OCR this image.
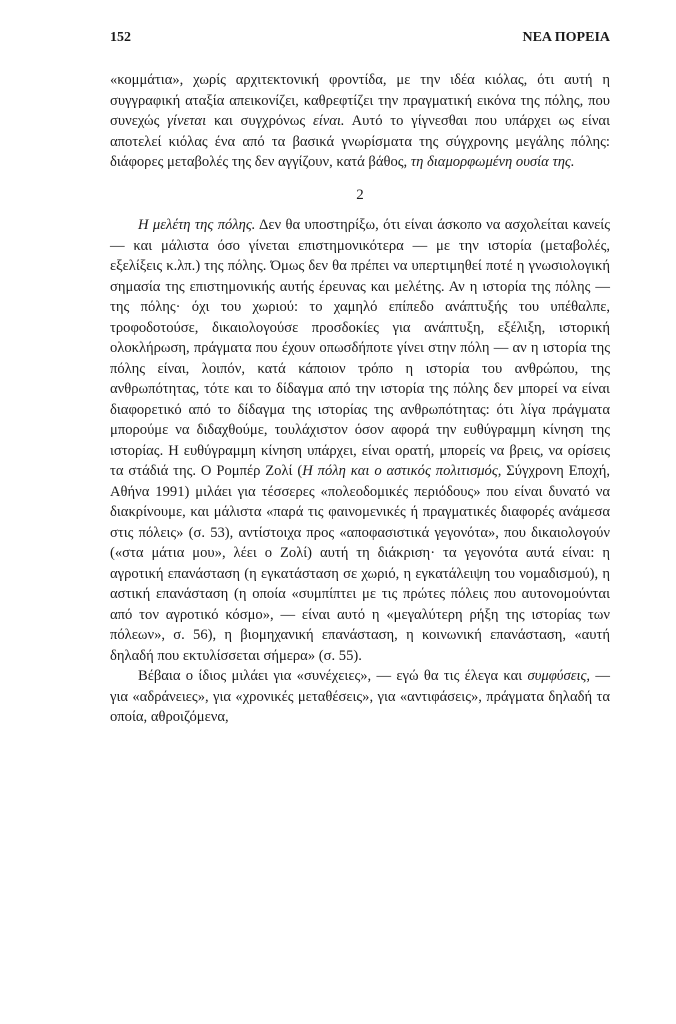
152	ΝΕΑ ΠΟΡΕΙΑ

«κομμάτια», χωρίς αρχιτεκτονική φροντίδα, με την ιδέα κιόλας, ότι αυτή η συγγραφική αταξία απεικονίζει, καθρεφτίζει την πραγματική εικόνα της πόλης, που συνεχώς γίνεται και συγχρόνως είναι. Αυτό το γίγνεσθαι που υπάρχει ως είναι αποτελεί κιόλας ένα από τα βασικά γνωρίσματα της σύγχρονης μεγάλης πόλης: διάφορες μεταβολές της δεν αγγίζουν, κατά βάθος, τη διαμορφωμένη ουσία της.

2

Η μελέτη της πόλης. Δεν θα υποστηρίξω, ότι είναι άσκοπο να ασχολείται κανείς — και μάλιστα όσο γίνεται επιστημονικότερα — με την ιστορία (μεταβολές, εξελίξεις κ.λπ.) της πόλης. Όμως δεν θα πρέπει να υπερτιμηθεί ποτέ η γνωσιολογική σημασία της επιστημονικής αυτής έρευνας και μελέτης. Αν η ιστορία της πόλης — της πόλης· όχι του χωριού: το χαμηλό επίπεδο ανάπτυξής του υπέθαλπε, τροφοδοτούσε, δικαιολογούσε προσδοκίες για ανάπτυξη, εξέλιξη, ιστορική ολοκλήρωση, πράγματα που έχουν οπωσδήποτε γίνει στην πόλη — αν η ιστορία της πόλης είναι, λοιπόν, κατά κάποιον τρόπο η ιστορία του ανθρώπου, της ανθρωπότητας, τότε και το δίδαγμα από την ιστορία της πόλης δεν μπορεί να είναι διαφορετικό από το δίδαγμα της ιστορίας της ανθρωπότητας: ότι λίγα πράγματα μπορούμε να διδαχθούμε, τουλάχιστον όσον αφορά την ευθύγραμμη κίνηση της ιστορίας. Η ευθύγραμμη κίνηση υπάρχει, είναι ορατή, μπορείς να βρεις, να ορίσεις τα στάδιά της. Ο Ρομπέρ Ζολί (Η πόλη και ο αστικός πολιτισμός, Σύγχρονη Εποχή, Αθήνα 1991) μιλάει για τέσσερες «πολεοδομικές περιόδους» που είναι δυνατό να διακρίνουμε, και μάλιστα «παρά τις φαινομενικές ή πραγματικές διαφορές ανάμεσα στις πόλεις» (σ. 53), αντίστοιχα προς «αποφασιστικά γεγονότα», που δικαιολογούν («στα μάτια μου», λέει ο Ζολί) αυτή τη διάκριση· τα γεγονότα αυτά είναι: η αγροτική επανάσταση (η εγκατάσταση σε χωριό, η εγκατάλειψη του νομαδισμού), η αστική επανάσταση (η οποία «συμπίπτει με τις πρώτες πόλεις που αυτονομούνται από τον αγροτικό κόσμο», — είναι αυτό η «μεγαλύτερη ρήξη της ιστορίας των πόλεων», σ. 56), η βιομηχανική επανάσταση, η κοινωνική επανάσταση, «αυτή δηλαδή που εκτυλίσσεται σήμερα» (σ. 55).

Βέβαια ο ίδιος μιλάει για «συνέχειες», — εγώ θα τις έλεγα και συμφύσεις, — για «αδράνειες», για «χρονικές μεταθέσεις», για «αντιφάσεις», πράγματα δηλαδή τα οποία, αθροιζόμενα,
